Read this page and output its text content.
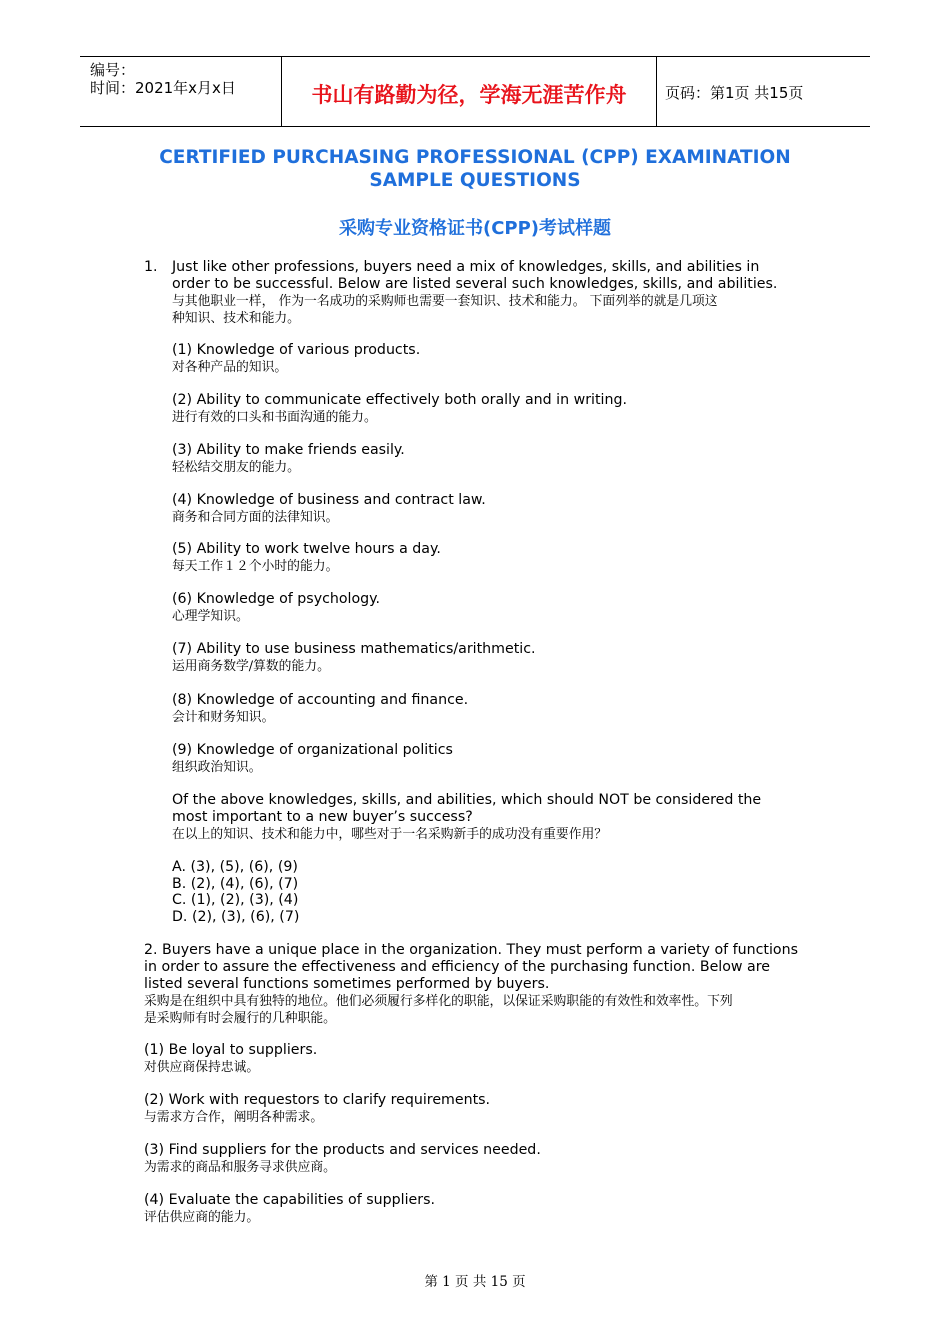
编号：
时间：2021年x月x日	书山有路勤为径，学海无涯苦作舟	页码：第1页 共15页
CERTIFIED PURCHASING PROFESSIONAL (CPP) EXAMINATION
SAMPLE QUESTIONS
采购专业资格证书(CPP)考试样题
1. Just like other professions, buyers need a mix of knowledges, skills, and abilities in
order to be successful. Below are listed several such knowledges, skills, and abilities.
与其他职业一样， 作为一名成功的采购师也需要一套知识、技术和能力。 下面列举的就是几项这
种知识、技术和能力。
(1) Knowledge of various products.
对各种产品的知识。
(2) Ability to communicate effectively both orally and in writing.
进行有效的口头和书面沟通的能力。
(3) Ability to make friends easily.
轻松结交朋友的能力。
(4) Knowledge of business and contract law.
商务和合同方面的法律知识。
(5) Ability to work twelve hours a day.
每天工作１２个小时的能力。
(6) Knowledge of psychology.
心理学知识。
(7) Ability to use business mathematics/arithmetic.
运用商务数学/算数的能力。
(8) Knowledge of accounting and finance.
会计和财务知识。
(9) Knowledge of organizational politics
组织政治知识。
Of the above knowledges, skills, and abilities, which should NOT be considered the
most important to a new buyer’s success?
在以上的知识、技术和能力中，哪些对于一名采购新手的成功没有重要作用？
A. (3), (5), (6), (9)
B. (2), (4), (6), (7)
C. (1), (2), (3), (4)
D. (2), (3), (6), (7)
2. Buyers have a unique place in the organization. They must perform a variety of functions
in order to assure the effectiveness and efficiency of the purchasing function. Below are
listed several functions sometimes performed by buyers.
采购是在组织中具有独特的地位。他们必须履行多样化的职能，以保证采购职能的有效性和效率性。下列
是采购师有时会履行的几种职能。
(1) Be loyal to suppliers.
对供应商保持忠诚。
(2) Work with requestors to clarify requirements.
与需求方合作，阐明各种需求。
(3) Find suppliers for the products and services needed.
为需求的商品和服务寻求供应商。
(4) Evaluate the capabilities of suppliers.
评估供应商的能力。
第 1 页 共 15 页
